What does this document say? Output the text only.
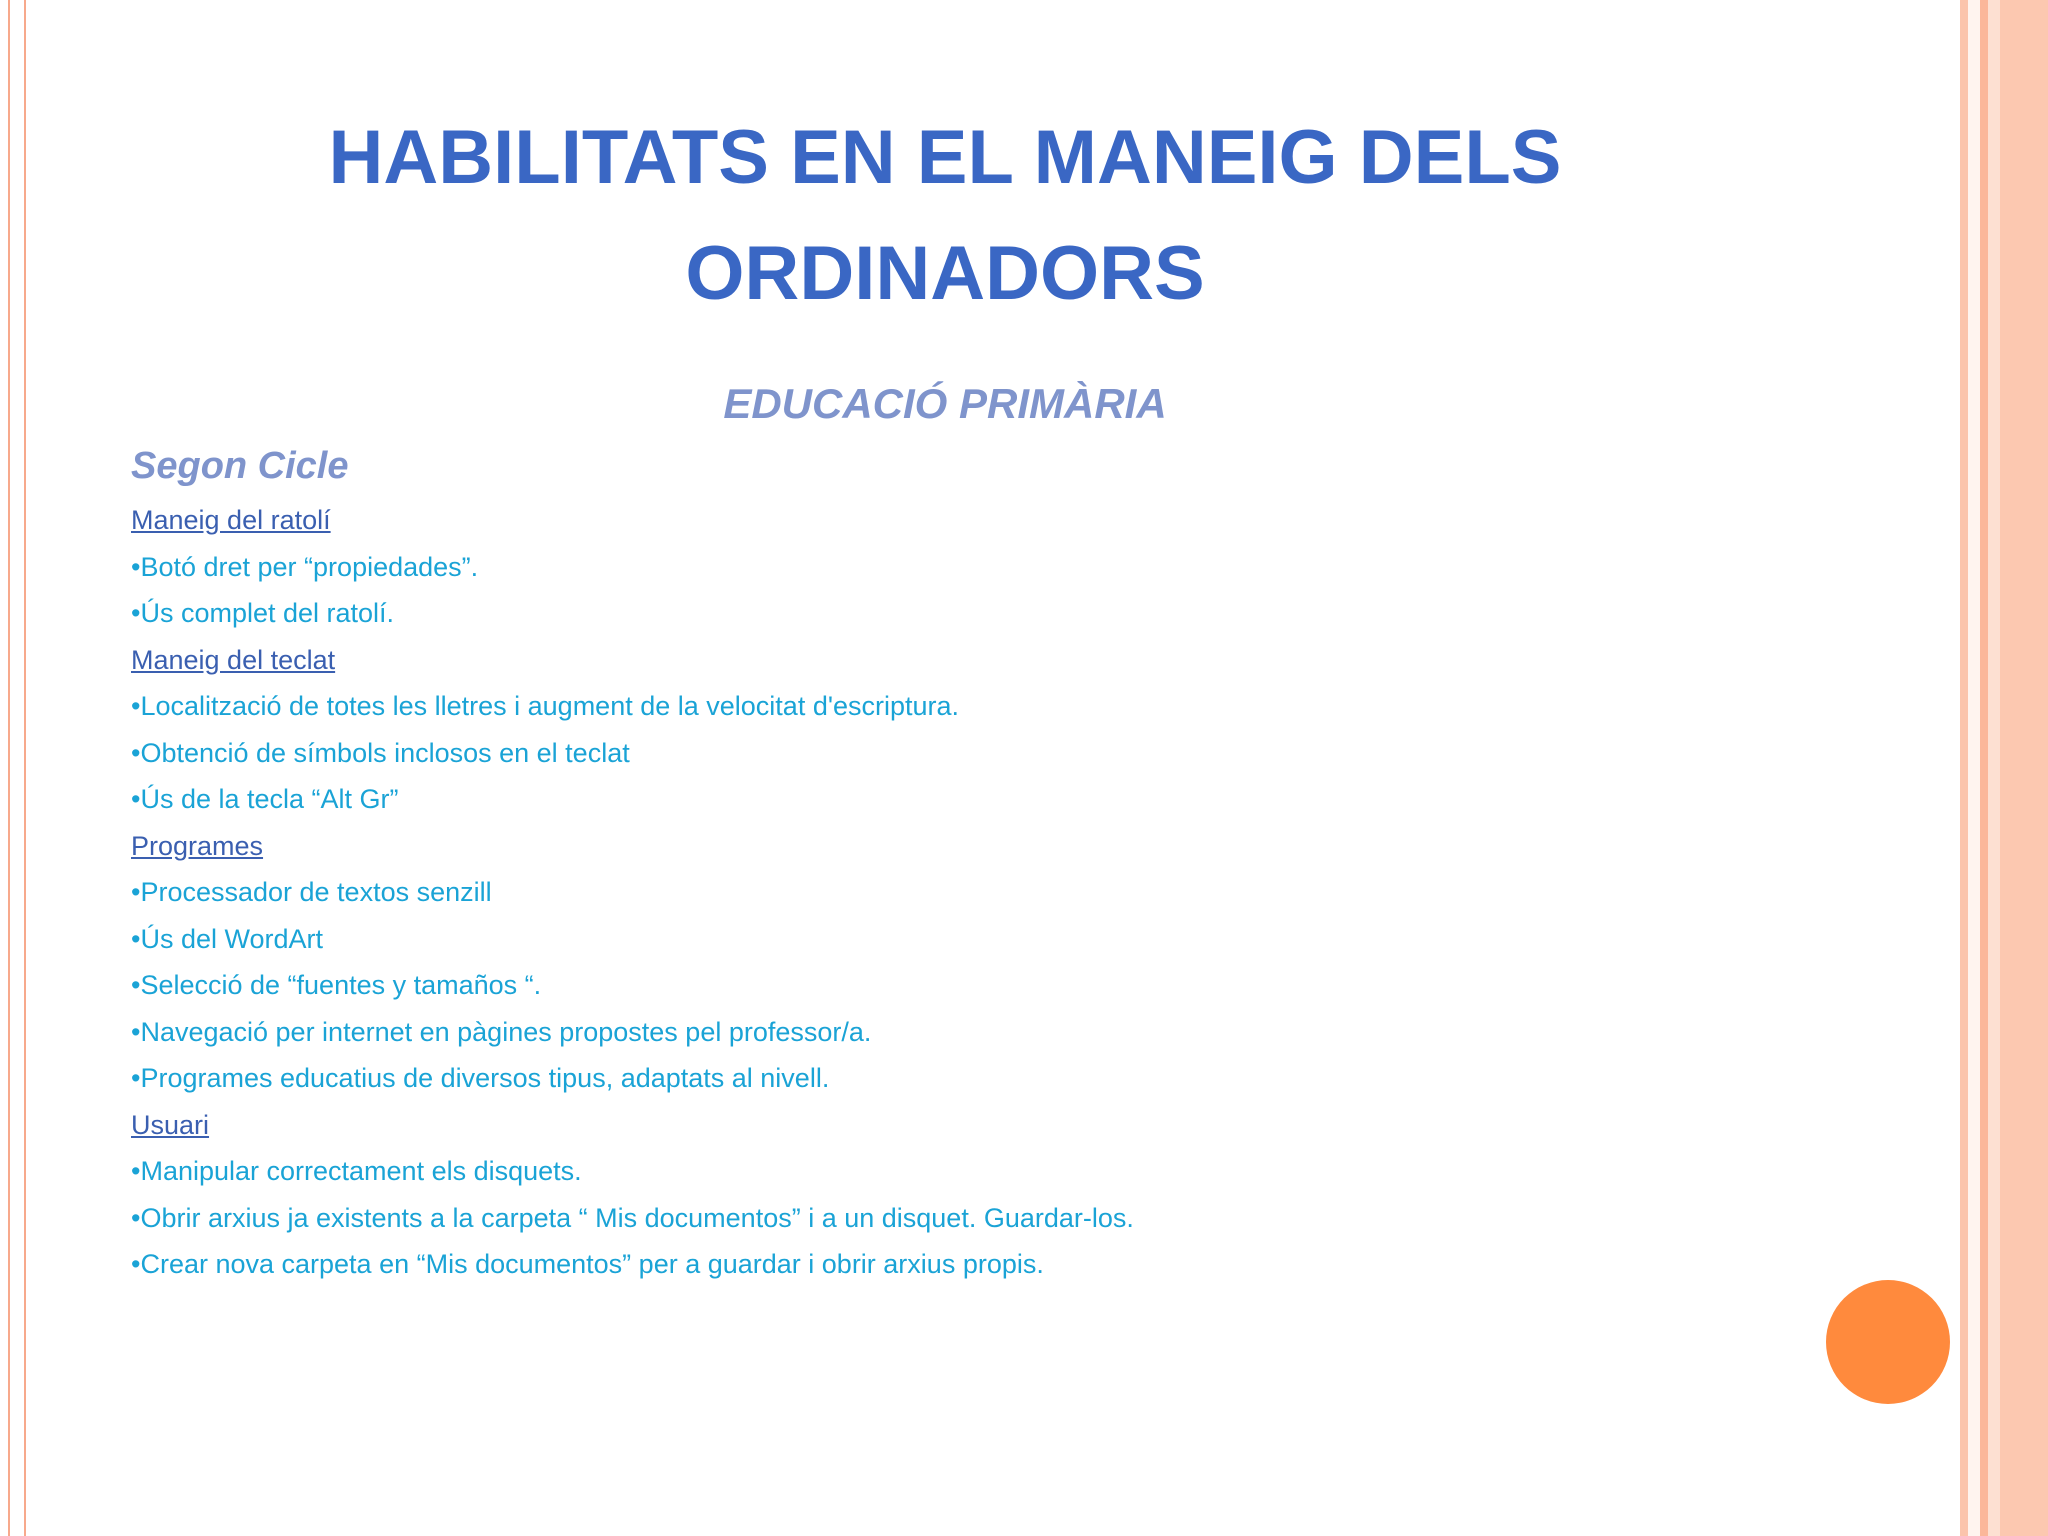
HABILITATS EN EL MANEIG DELS ORDINADORS
EDUCACIÓ PRIMÀRIA
Segon Cicle
Maneig del ratolí
•Botó dret per “propiedades”.
•Ús complet del ratolí.
Maneig del teclat
•Localització de totes les lletres i augment de la velocitat d'escriptura.
•Obtenció de símbols inclosos en el teclat
•Ús de la tecla “Alt Gr”
Programes
•Processador de textos senzill
•Ús del WordArt
•Selecció de “fuentes y tamaños “.
•Navegació per internet en pàgines propostes pel professor/a.
•Programes educatius de diversos tipus, adaptats al nivell.
Usuari
•Manipular correctament els disquets.
•Obrir arxius ja existents a la carpeta “ Mis documentos” i a un disquet. Guardar-los.
•Crear nova carpeta en “Mis documentos” per a guardar i obrir arxius propis.
